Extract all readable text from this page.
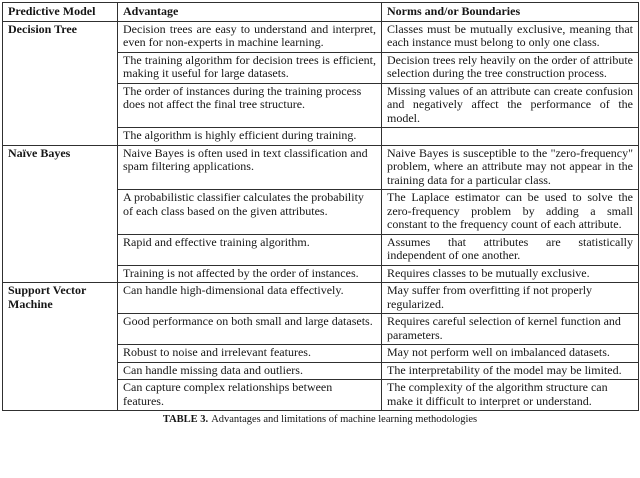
Predictive Model	Advantage	Norms and/or Boundaries
Decision Tree	Decision trees are easy to understand and interpret, even for non-experts in machine learning.	Classes must be mutually exclusive, meaning that each instance must belong to only one class.
	The training algorithm for decision trees is efficient, making it useful for large datasets.	Decision trees rely heavily on the order of attribute selection during the tree construction process.
	The order of instances during the training process does not affect the final tree structure.	Missing values of an attribute can create confusion and negatively affect the performance of the model.
	The algorithm is highly efficient during training.	
Naïve Bayes	Naive Bayes is often used in text classification and spam filtering applications.	Naive Bayes is susceptible to the "zero-frequency" problem, where an attribute may not appear in the training data for a particular class.
	A probabilistic classifier calculates the probability of each class based on the given attributes.	The Laplace estimator can be used to solve the zero-frequency problem by adding a small constant to the frequency count of each attribute.
	Rapid and effective training algorithm.	Assumes that attributes are statistically independent of one another.
	Training is not affected by the order of instances.	Requires classes to be mutually exclusive.
Support Vector Machine	Can handle high-dimensional data effectively.	May suffer from overfitting if not properly regularized.
	Good performance on both small and large datasets.	Requires careful selection of kernel function and parameters.
	Robust to noise and irrelevant features.	May not perform well on imbalanced datasets.
	Can handle missing data and outliers.	The interpretability of the model may be limited.
	Can capture complex relationships between features.	The complexity of the algorithm structure can make it difficult to interpret or understand.
TABLE 3. Advantages and limitations of machine learning methodologies
